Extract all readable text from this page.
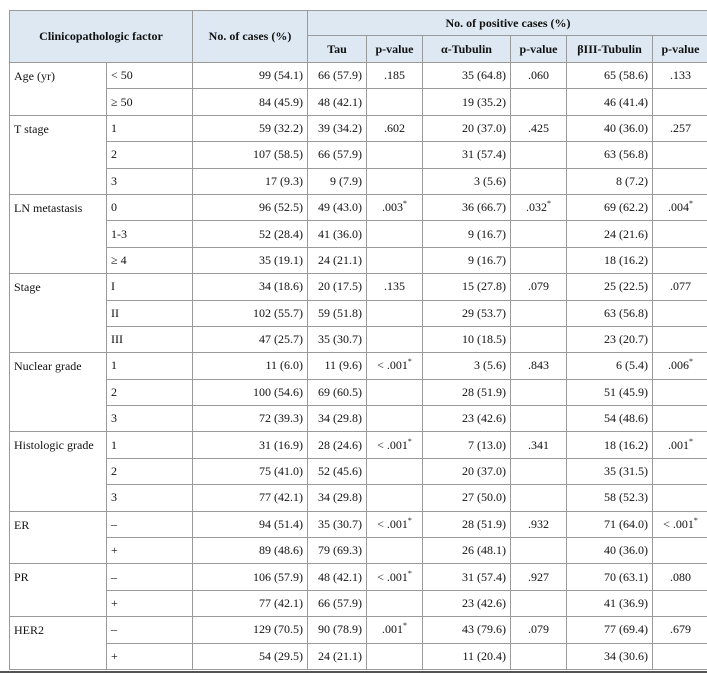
Clinicopathologic factor		No. of cases (%)	No. of positive cases (%)					
			Tau	p-value	α-Tubulin	p-value	βIII-Tubulin	p-value
Age (yr)	< 50	99 (54.1)	66 (57.9)	.185	35 (64.8)	.060	65 (58.6)	.133
	≥ 50	84 (45.9)	48 (42.1)		19 (35.2)		46 (41.4)	
T stage	1	59 (32.2)	39 (34.2)	.602	20 (37.0)	.425	40 (36.0)	.257
	2	107 (58.5)	66 (57.9)		31 (57.4)		63 (56.8)	
	3	17 (9.3)	9 (7.9)		3 (5.6)		8 (7.2)	
LN metastasis	0	96 (52.5)	49 (43.0)	.003*	36 (66.7)	.032*	69 (62.2)	.004*
	1-3	52 (28.4)	41 (36.0)		9 (16.7)		24 (21.6)	
	≥ 4	35 (19.1)	24 (21.1)		9 (16.7)		18 (16.2)	
Stage	I	34 (18.6)	20 (17.5)	.135	15 (27.8)	.079	25 (22.5)	.077
	II	102 (55.7)	59 (51.8)		29 (53.7)		63 (56.8)	
	III	47 (25.7)	35 (30.7)		10 (18.5)		23 (20.7)	
Nuclear grade	1	11 (6.0)	11 (9.6)	< .001*	3 (5.6)	.843	6 (5.4)	.006*
	2	100 (54.6)	69 (60.5)		28 (51.9)		51 (45.9)	
	3	72 (39.3)	34 (29.8)		23 (42.6)		54 (48.6)	
Histologic grade	1	31 (16.9)	28 (24.6)	< .001*	7 (13.0)	.341	18 (16.2)	.001*
	2	75 (41.0)	52 (45.6)		20 (37.0)		35 (31.5)	
	3	77 (42.1)	34 (29.8)		27 (50.0)		58 (52.3)	
ER	–	94 (51.4)	35 (30.7)	< .001*	28 (51.9)	.932	71 (64.0)	< .001*
	+	89 (48.6)	79 (69.3)		26 (48.1)		40 (36.0)	
PR	–	106 (57.9)	48 (42.1)	< .001*	31 (57.4)	.927	70 (63.1)	.080
	+	77 (42.1)	66 (57.9)		23 (42.6)		41 (36.9)	
HER2	–	129 (70.5)	90 (78.9)	.001*	43 (79.6)	.079	77 (69.4)	.679
	+	54 (29.5)	24 (21.1)		11 (20.4)		34 (30.6)	
